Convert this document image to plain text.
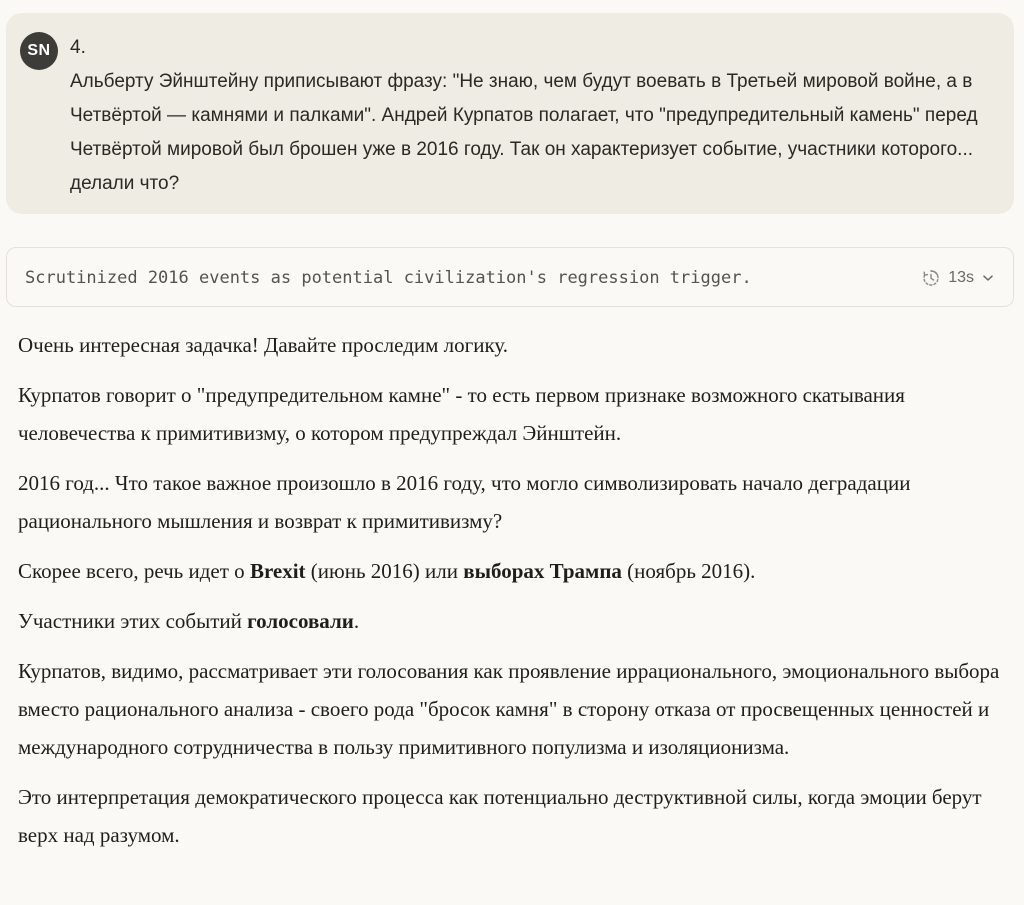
SN	4.

Альберту Эйнштейну приписывают фразу: "Не знаю, чем будут воевать в Третьей мировой войне, а в Четвёртой — камнями и палками". Андрей Курпатов полагает, что "предупредительный камень" перед Четвёртой мировой был брошен уже в 2016 году. Так он характеризует событие, участники которого... делали что?

Scrutinized 2016 events as potential civilization's regression trigger.	13s

Очень интересная задачка! Давайте проследим логику.

Курпатов говорит о "предупредительном камне" - то есть первом признаке возможного скатывания человечества к примитивизму, о котором предупреждал Эйнштейн.

2016 год... Что такое важное произошло в 2016 году, что могло символизировать начало деградации рационального мышления и возврат к примитивизму?

Скорее всего, речь идет о Brexit (июнь 2016) или выборах Трампа (ноябрь 2016).

Участники этих событий голосовали.

Курпатов, видимо, рассматривает эти голосования как проявление иррационального, эмоционального выбора вместо рационального анализа - своего рода "бросок камня" в сторону отказа от просвещенных ценностей и международного сотрудничества в пользу примитивного популизма и изоляционизма.

Это интерпретация демократического процесса как потенциально деструктивной силы, когда эмоции берут верх над разумом.
